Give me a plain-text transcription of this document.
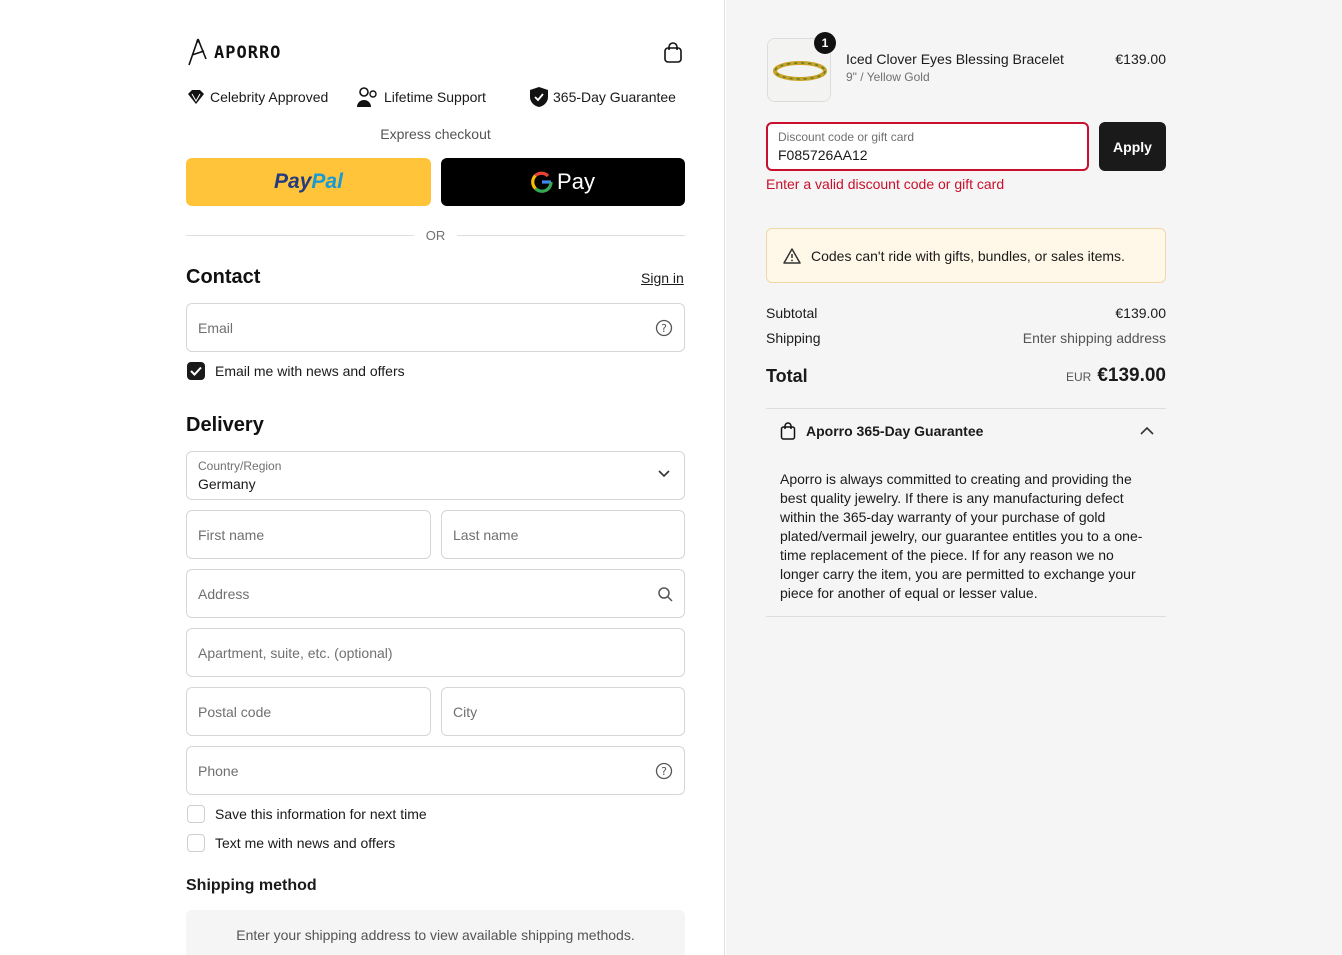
APORRO
Celebrity Approved	Lifetime Support	365-Day Guarantee
Express checkout
Pay Pal	Pay
OR
Contact	Sign in
Email	?
Email me with news and offers
Delivery
Country/Region
Germany
First name	Last name
Address
Apartment, suite, etc. (optional)
Postal code	City
Phone	?
Save this information for next time
Text me with news and offers
Shipping method
Enter your shipping address to view available shipping methods.
1
Iced Clover Eyes Blessing Bracelet
9" / Yellow Gold
€139.00
Discount code or gift card
F085726AA12
Apply
Enter a valid discount code or gift card
Codes can't ride with gifts, bundles, or sales items.
Subtotal	€139.00
Shipping	Enter shipping address
Total	EUR €139.00
Aporro 365-Day Guarantee
Aporro is always committed to creating and providing the best quality jewelry. If there is any manufacturing defect within the 365-day warranty of your purchase of gold plated/vermail jewelry, our guarantee entitles you to a one-time replacement of the piece. If for any reason we no longer carry the item, you are permitted to exchange your piece for another of equal or lesser value.
